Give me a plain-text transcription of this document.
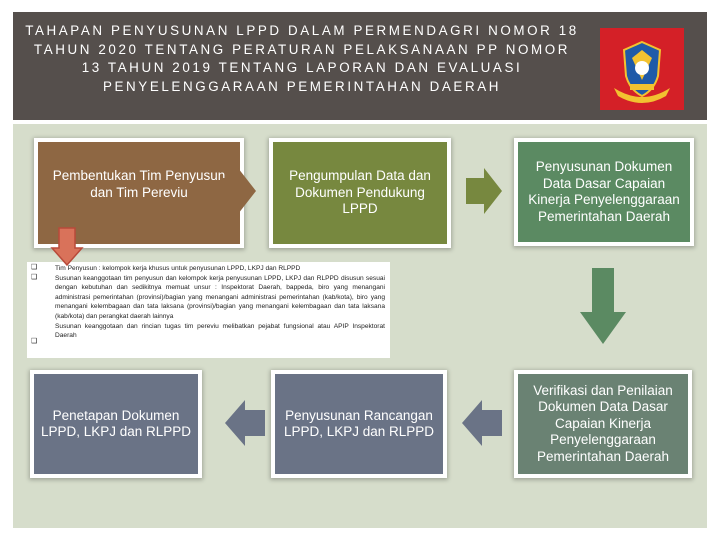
TAHAPAN PENYUSUNAN LPPD DALAM PERMENDAGRI NOMOR 18 TAHUN 2020 TENTANG PERATURAN PELAKSANAAN PP NOMOR 13 TAHUN 2019 TENTANG LAPORAN DAN EVALUASI PENYELENGGARAAN PEMERINTAHAN DAERAH
Pembentukan Tim Penyusun dan Tim Pereviu
Pengumpulan Data dan Dokumen Pendukung LPPD
Penyusunan Dokumen Data Dasar Capaian Kinerja Penyelenggaraan Pemerintahan Daerah
Verifikasi dan Penilaian Dokumen Data Dasar Capaian Kinerja Penyelenggaraan Pemerintahan Daerah
Penyusunan Rancangan LPPD, LKPJ dan RLPPD
Penetapan Dokumen LPPD, LKPJ dan RLPPD
❑
❑
❑
Tim Penyusun : kelompok kerja khusus untuk penyusunan LPPD, LKPJ dan RLPPD
Susunan keanggotaan tim penyusun dan kelompok kerja penyusunan LPPD, LKPJ dan RLPPD disusun sesuai dengan kebutuhan dan sedikitnya memuat unsur : Inspektorat Daerah, bappeda, biro yang menangani administrasi pemerintahan (provinsi)/bagian yang menangani administrasi pemerintahan (kab/kota), biro yang menangani kelembagaan dan tata laksana (provinsi)/bagian yang menangani kelembagaan dan tata laksana (kab/kota) dan perangkat daerah lainnya
Susunan keanggotaan dan rincian tugas tim pereviu melibatkan pejabat fungsional atau APIP Inspektorat Daerah
